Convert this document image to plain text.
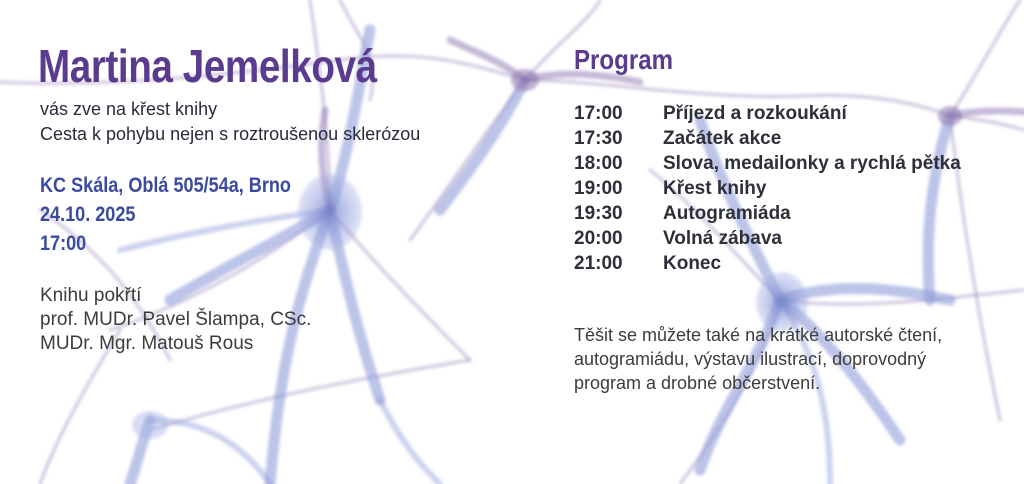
Martina Jemelková
vás zve na křest knihy
Cesta k pohybu nejen s roztroušenou sklerózou
KC Skála, Oblá 505/54a, Brno
24.10. 2025
17:00
Knihu pokřtí
prof. MUDr. Pavel Šlampa, CSc.
MUDr. Mgr. Matouš Rous
Program
17:00 Příjezd a rozkoukání
17:30 Začátek akce
18:00 Slova, medailonky a rychlá pětka
19:00 Křest knihy
19:30 Autogramiáda
20:00 Volná zábava
21:00 Konec
Těšit se můžete také na krátké autorské čtení,
autogramiádu, výstavu ilustrací, doprovodný
program a drobné občerstvení.
